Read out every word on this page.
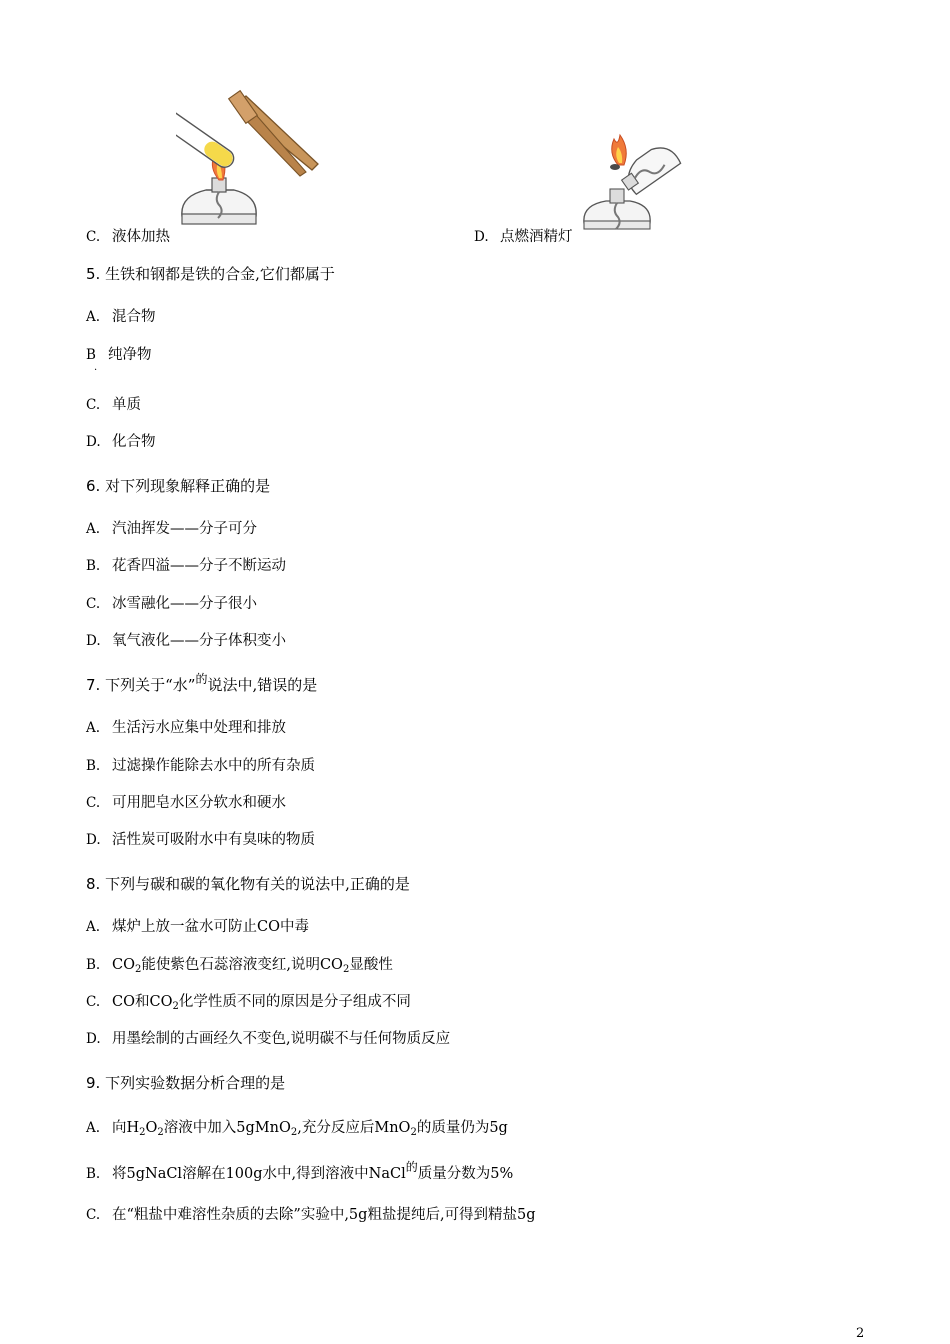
C. 液体加热	D. 点燃酒精灯
5. 生铁和钢都是铁的合金,它们都属于
A. 混合物
B 纯净物
.
C. 单质
D. 化合物
6. 对下列现象解释正确的是
A. 汽油挥发——分子可分
B. 花香四溢——分子不断运动
C. 冰雪融化——分子很小
D. 氧气液化——分子体积变小
7. 下列关于“水”$^的$说法中,错误的是
A. 生活污水应集中处理和排放
B. 过滤操作能除去水中的所有杂质
C. 可用肥皂水区分软水和硬水
D. 活性炭可吸附水中有臭味的物质
8. 下列与碳和碳的氧化物有关的说法中,正确的是
A. 煤炉上放一盆水可防止CO中毒
B. $CO_2$能使紫色石蕊溶液变红,说明$CO_2$显酸性
C. CO和$CO_2$化学性质不同的原因是分子组成不同
D. 用墨绘制的古画经久不变色,说明碳不与任何物质反应
9. 下列实验数据分析合理的是
A. 向$H_2O_2$溶液中加入5gMnO$_2$,充分反应后MnO$_2$的质量仍为5g
B. 将5gNaCl溶解在100g水中,得到溶液中NaCl$^的$质量分数为5%
C. 在“粗盐中难溶性杂质的去除”实验中,5g粗盐提纯后,可得到精盐5g
2
